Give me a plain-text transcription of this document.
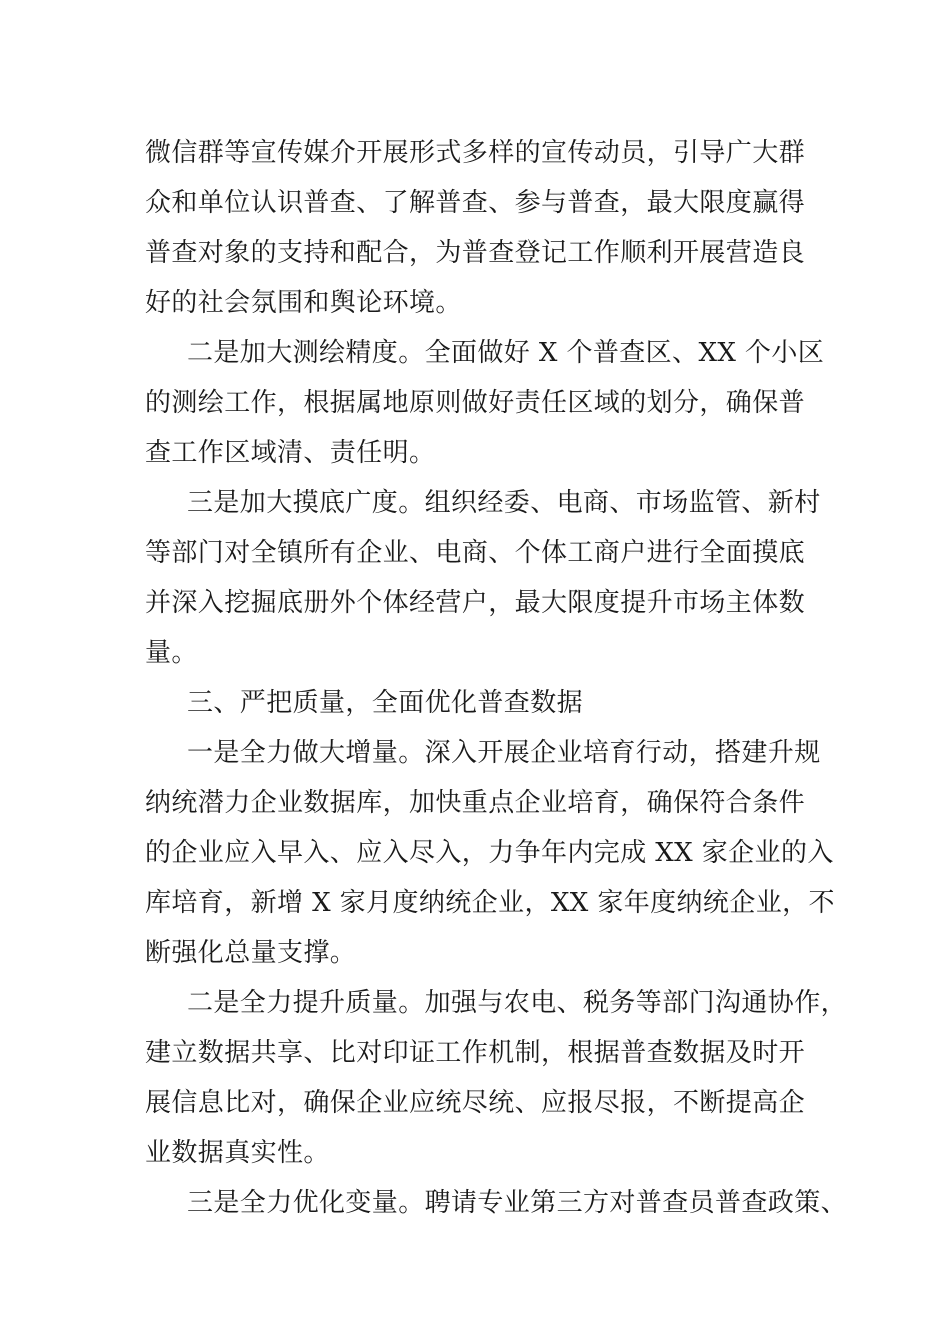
微信群等宣传媒介开展形式多样的宣传动员，引导广大群
众和单位认识普查、了解普查、参与普查，最大限度赢得
普查对象的支持和配合，为普查登记工作顺利开展营造良
好的社会氛围和舆论环境。
二是加大测绘精度。全面做好 X 个普查区、XX 个小区
的测绘工作，根据属地原则做好责任区域的划分，确保普
查工作区域清、责任明。
三是加大摸底广度。组织经委、电商、市场监管、新村
等部门对全镇所有企业、电商、个体工商户进行全面摸底
并深入挖掘底册外个体经营户，最大限度提升市场主体数
量。
三、严把质量，全面优化普查数据
一是全力做大增量。深入开展企业培育行动，搭建升规
纳统潜力企业数据库，加快重点企业培育，确保符合条件
的企业应入早入、应入尽入，力争年内完成 XX 家企业的入
库培育，新增 X 家月度纳统企业，XX 家年度纳统企业，不
断强化总量支撑。
二是全力提升质量。加强与农电、税务等部门沟通协作，
建立数据共享、比对印证工作机制，根据普查数据及时开
展信息比对，确保企业应统尽统、应报尽报，不断提高企
业数据真实性。
三是全力优化变量。聘请专业第三方对普查员普查政策、
